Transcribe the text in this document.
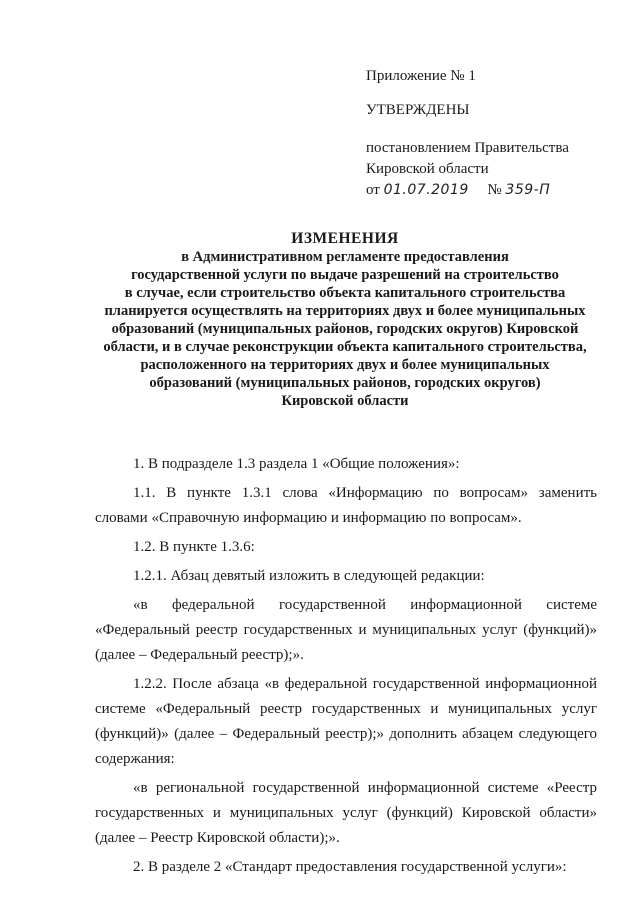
Приложение № 1
УТВЕРЖДЕНЫ
постановлением Правительства
Кировской области
от 01.07.2019 № 359-П
ИЗМЕНЕНИЯ
в Административном регламенте предоставления
государственной услуги по выдаче разрешений на строительство
в случае, если строительство объекта капитального строительства
планируется осуществлять на территориях двух и более муниципальных
образований (муниципальных районов, городских округов) Кировской
области, и в случае реконструкции объекта капитального строительства,
расположенного на территориях двух и более муниципальных
образований (муниципальных районов, городских округов)
Кировской области

1. В подразделе 1.3 раздела 1 «Общие положения»:

1.1. В пункте 1.3.1 слова «Информацию по вопросам» заменить словами «Справочную информацию и информацию по вопросам».

1.2. В пункте 1.3.6:

1.2.1. Абзац девятый изложить в следующей редакции:

«в федеральной государственной информационной системе «Федеральный реестр государственных и муниципальных услуг (функций)» (далее – Федеральный реестр);».

1.2.2. После абзаца «в федеральной государственной информационной системе «Федеральный реестр государственных и муниципальных услуг (функций)» (далее – Федеральный реестр);» дополнить абзацем следующего содержания:

«в региональной государственной информационной системе «Реестр государственных и муниципальных услуг (функций) Кировской области» (далее – Реестр Кировской области);».

2. В разделе 2 «Стандарт предоставления государственной услуги»:
